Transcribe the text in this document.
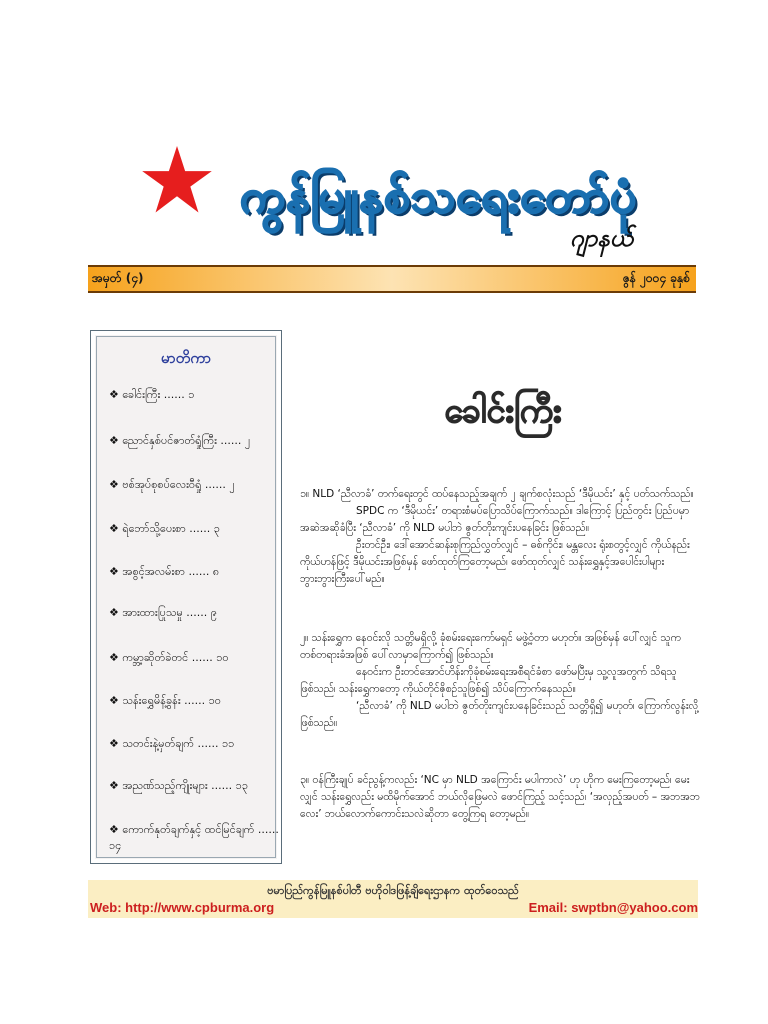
ကွန်မြူနစ်သရေးတော်ပုံ
ဂျာနယ်
အမှတ် (၄)	ဇွန် ၂၀၀၄ ခုနှစ်
မာတိကာ
❖ ခေါင်းကြီး ...... ၁
❖ ညောင်နှစ်ပင်ဇာတ်ရှုံကြီး ...... ၂
❖ ဗစ်အုပ်စုစပ်လေးဝီရှုံ ...... ၂
❖ ရဲဘော်သို့ပေးစာ ...... ၃
❖ အစွင့်အလမ်းစာ ...... ၈
❖ အားထားပြုသမှု ...... ၉
❖ ကမ္ဘာ့ဆိုတ်ခဲတင် ...... ၁၀
❖ သန်းရွှေမိန့်ခွန်း ...... ၁၀
❖ သတင်းနဲ့မှတ်ချက် ...... ၁၁
❖ အညဏ်သည့်ကျိုးများ ...... ၁၃
❖ ကောက်နုတ်ချက်နှင့် ထင်မြင်ချက် ...... ၁၄
ခေါင်းကြီး

၁။ NLD ‘ညီလာခံ’ တက်ရေးတွင် ထပ်နေသည့်အချက် ၂ ချက်စလုံးသည် ‘ဒီမိုယင်း’ နှင့် ပတ်သက်သည်။

SPDC က ‘ဒီမိုယင်း’ တရားစံမပ်ပြောသိပ်ကြောက်သည်။ ဒါကြောင့် ပြည်တွင်း ပြည်ပမှာ အဆဲအဆိုခံပြီး ‘ညီလာခံ’ ကို NLD မပါဘဲ ဇွတ်တိုးကျင်းပနေခြင်း ဖြစ်သည်။

ဦးတင်ဦး၊ ဒေါ်အောင်ဆန်းစုကြည်လွှတ်လျှင် – ဓစ်ကိုင်း၊ မန္တလေး ရုံးစတွင့်လျှင် ကိုယ်နည်းကိုယ်ဟန်ဖြင့် ဒီမိုယင်းအဖြစ်မှန် ဖော်ထုတ်ကြတော့မည်၊ ဖော်ထုတ်လျှင် သန်းရွှေနှင့်အပေါင်းပါများ ဘွားဘွားကြီးပေါ်မည်။

၂။ သန်းရွှေက နေဝင်းလို သတ္တိမရှိလို့ ခုံစမ်းရေးကော်မရှင် မဖွဲ့ဝံ့တာ မဟုတ်။ အဖြစ်မှန် ပေါ်လျှင် သူက တစ်တရားခံအဖြစ် ပေါ်လာမှာကြောက်၍ ဖြစ်သည်။

နေဝင်းက ဦးတင်အောင်ဟိန်းကိုခုံစမ်းရေးအစီရင်ခံစာ ဖော်မပြီးမှ သူ့လူအတွက် သိရသူ ဖြစ်သည်၊ သန်းရွှေကတော့ ကိုယ်တိုင်ဇိုစဉ်သူဖြစ်၍ သိပ်ကြောက်နေသည်။

‘ညီလာခံ’ ကို NLD မပါဘဲ ဇွတ်တိုးကျင်းပနေခြင်းသည် သတ္တိရှိ၍ မဟုတ်၊ ကြောက်လွန်းလို့ ဖြစ်သည်။

၃။ ဝန်ကြီးချုပ် ခင်ညွန့်ကလည်း ‘NC မှာ NLD အကြောင်း မပါကာလဲ’ ဟု ဟိုက မေးကြတော့မည်၊ မေးလျှင် သန်းရွှေလည်း မထိမိုက်အောင် ဘယ်လိုဖြေမလဲ ဖောင်ကြည့် သင့်သည်၊ ‘အလှည့်အပတ် – အဘအဘလေး’ ဘယ်လောက်ကောင်းသလဲဆိုတာ တွေ့ကြရ တော့မည်။

ဗမာပြည်ကွန်မြူနစ်ပါတီ ဗဟိုဝါဒဖြန့်ချိရေးဌာနက ထုတ်ဝေသည်
Web: http://www.cpburma.org	Email: swptbn@yahoo.com
